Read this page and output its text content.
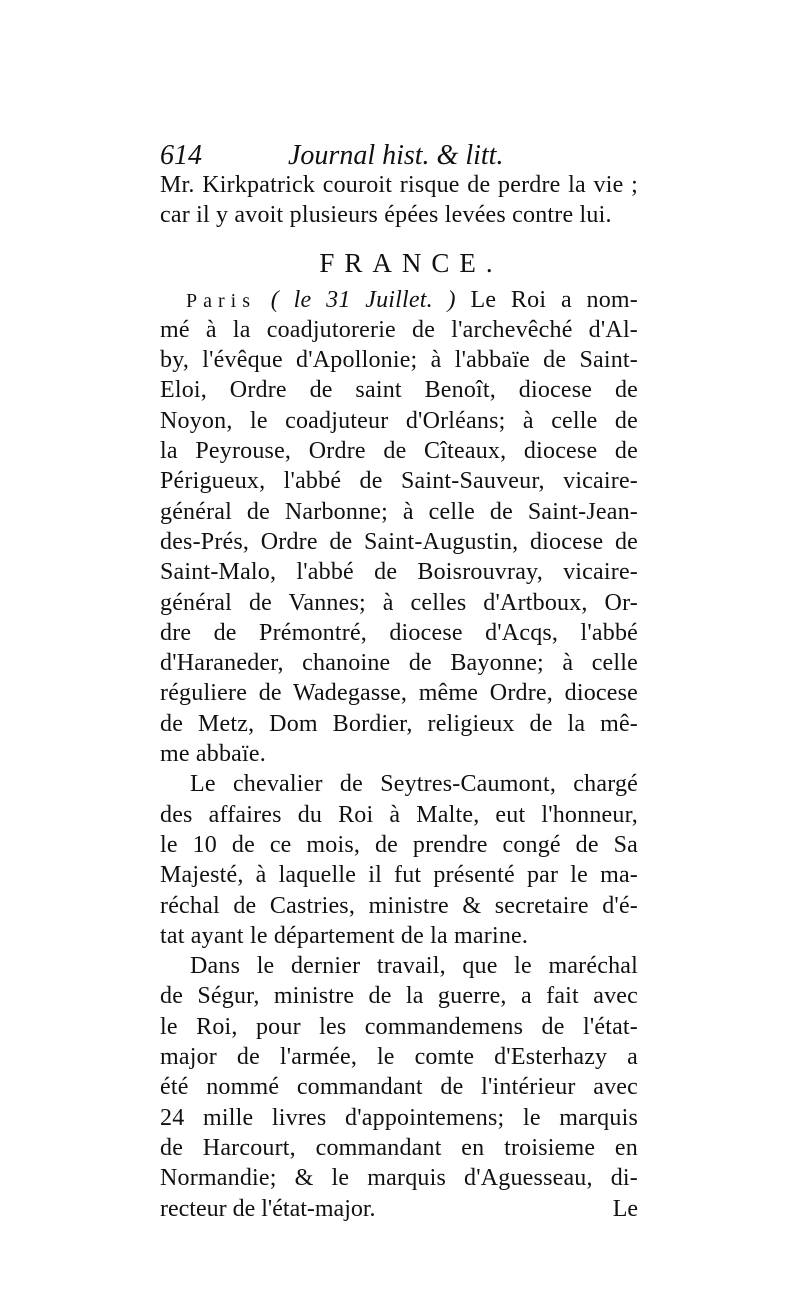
614	Journal hist. & litt.
Mr. Kirkpatrick couroit risque de perdre la vie ;
car il y avoit plusieurs épées levées contre lui.
FRANCE.
Paris ( le 31 Juillet. ) Le Roi a nom-
mé à la coadjutorerie de l'archevêché d'Al-
by, l'évêque d'Apollonie; à l'abbaïe de Saint-
Eloi, Ordre de saint Benoît, diocese de
Noyon, le coadjuteur d'Orléans; à celle de
la Peyrouse, Ordre de Cîteaux, diocese de
Périgueux, l'abbé de Saint-Sauveur, vicaire-
général de Narbonne; à celle de Saint-Jean-
des-Prés, Ordre de Saint-Augustin, diocese de
Saint-Malo, l'abbé de Boisrouvray, vicaire-
général de Vannes; à celles d'Artboux, Or-
dre de Prémontré, diocese d'Acqs, l'abbé
d'Haraneder, chanoine de Bayonne; à celle
réguliere de Wadegasse, même Ordre, diocese
de Metz, Dom Bordier, religieux de la mê-
me abbaïe.
Le chevalier de Seytres-Caumont, chargé
des affaires du Roi à Malte, eut l'honneur,
le 10 de ce mois, de prendre congé de Sa
Majesté, à laquelle il fut présenté par le ma-
réchal de Castries, ministre & secretaire d'é-
tat ayant le département de la marine.
Dans le dernier travail, que le maréchal
de Ségur, ministre de la guerre, a fait avec
le Roi, pour les commandemens de l'état-
major de l'armée, le comte d'Esterhazy a
été nommé commandant de l'intérieur avec
24 mille livres d'appointemens; le marquis
de Harcourt, commandant en troisieme en
Normandie; & le marquis d'Aguesseau, di-
recteur de l'état-major.	Le
